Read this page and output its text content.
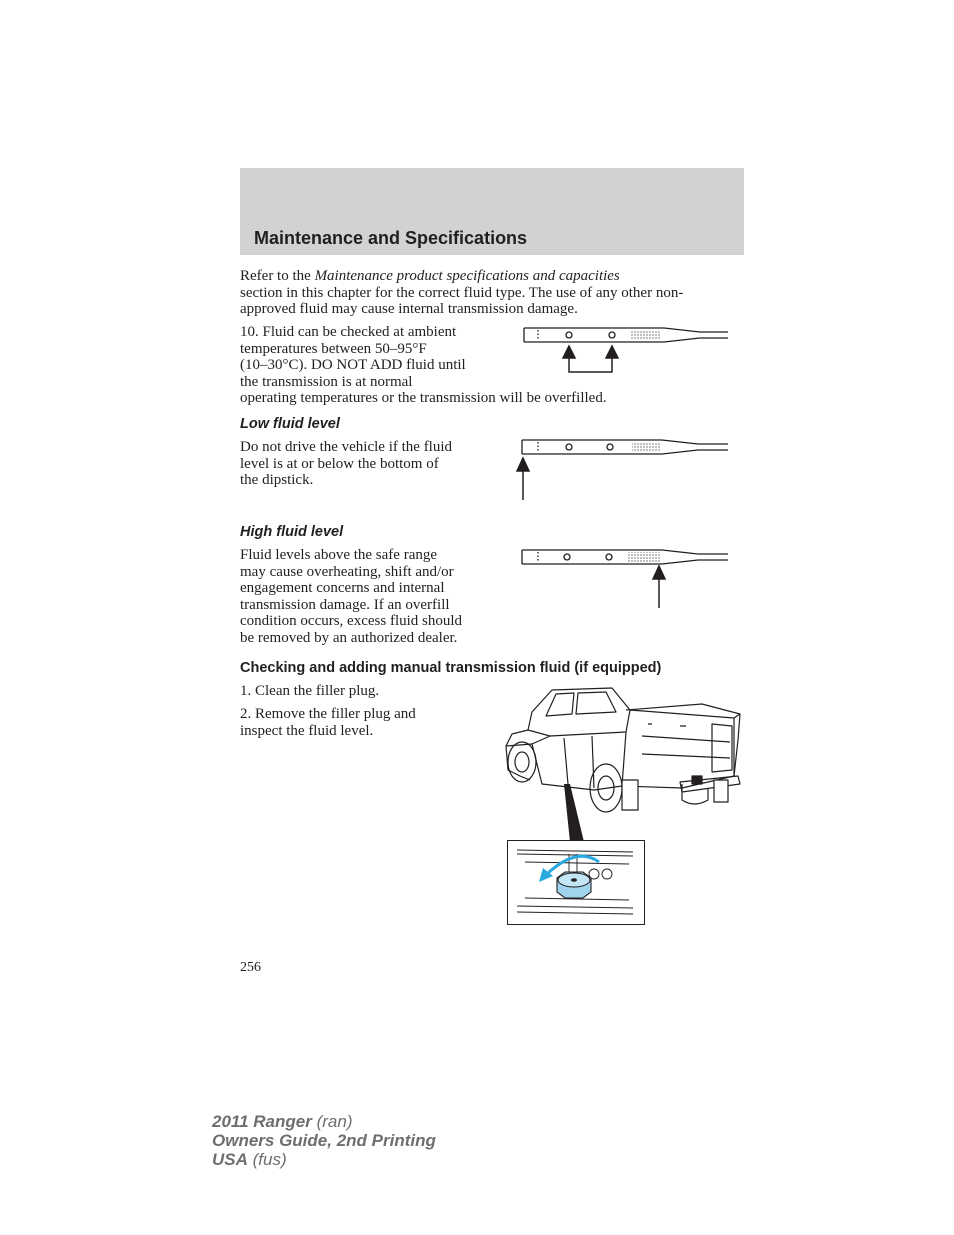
Maintenance and Specifications
Refer to the Maintenance product specifications and capacities
section in this chapter for the correct fluid type. The use of any other non-approved fluid may cause internal transmission damage.
10. Fluid can be checked at ambient
temperatures between 50–95°F
(10–30°C). DO NOT ADD fluid until
the transmission is at normal
operating temperatures or the transmission will be overfilled.
Low fluid level
Do not drive the vehicle if the fluid
level is at or below the bottom of
the dipstick.
High fluid level
Fluid levels above the safe range
may cause overheating, shift and/or
engagement concerns and internal
transmission damage. If an overfill
condition occurs, excess fluid should
be removed by an authorized dealer.
Checking and adding manual transmission fluid (if equipped)
1. Clean the filler plug.
2. Remove the filler plug and
inspect the fluid level.
256
2011 Ranger (ran)
Owners Guide, 2nd Printing
USA (fus)
